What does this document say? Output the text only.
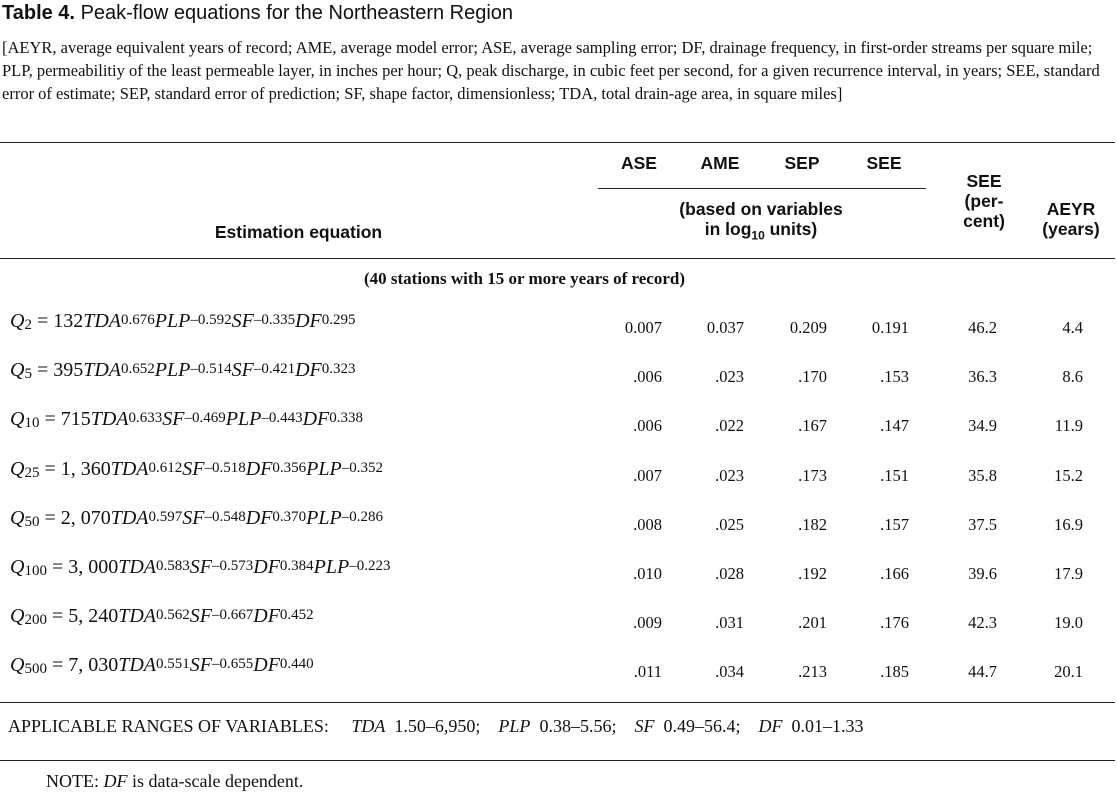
Table 4. Peak-flow equations for the Northeastern Region
[AEYR, average equivalent years of record; AME, average model error; ASE, average sampling error; DF, drainage frequency, in first-order streams per square mile; PLP, permeabilitiy of the least permeable layer, in inches per hour; Q, peak discharge, in cubic feet per second, for a given recurrence interval, in years; SEE, standard error of estimate; SEP, standard error of prediction; SF, shape factor, dimensionless; TDA, total drain-age area, in square miles]
ASE	AME	SEP	SEE
(based on variables
in $\log_{10}$ units)
Estimation equation
SEE
(per-
cent)
AEYR
(years)
(40 stations with 15 or more years of record)
$Q_2 = 132TDA^{0.676}PLP^{-0.592}SF^{-0.335}DF^{0.295}$	0.007	0.037	0.209	0.191	46.2	4.4
$Q_5 = 395TDA^{0.652}PLP^{-0.514}SF^{-0.421}DF^{0.323}$	.006	.023	.170	.153	36.3	8.6
$Q_{10} = 715TDA^{0.633}SF^{-0.469}PLP^{-0.443}DF^{0.338}$	.006	.022	.167	.147	34.9	11.9
$Q_{25} = 1$, $360TDA^{0.612}SF^{-0.518}DF^{0.356}PLP^{-0.352}$	.007	.023	.173	.151	35.8	15.2
$Q_{50} = 2$, $070TDA^{0.597}SF^{-0.548}DF^{0.370}PLP^{-0.286}$	.008	.025	.182	.157	37.5	16.9
$Q_{100} = 3$, $000TDA^{0.583}SF^{-0.573}DF^{0.384}PLP^{-0.223}$	.010	.028	.192	.166	39.6	17.9
$Q_{200} = 5$, $240TDA^{0.562}SF^{-0.667}DF^{0.452}$	.009	.031	.201	.176	42.3	19.0
$Q_{500} = 7$, $030TDA^{0.551}SF^{-0.655}DF^{0.440}$	.011	.034	.213	.185	44.7	20.1
APPLICABLE RANGES OF VARIABLES: TDA  1.50–6,950; PLP  0.38–5.56; SF  0.49–56.4; DF  0.01–1.33
NOTE: DF is data-scale dependent.
